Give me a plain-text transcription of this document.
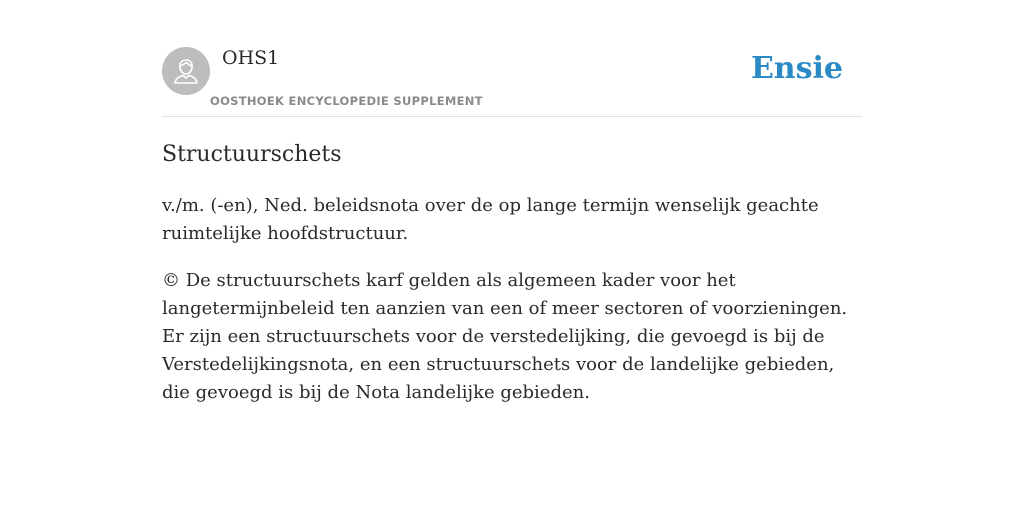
OHS1
OOSTHOEK ENCYCLOPEDIE SUPPLEMENT
Ensie
Structuurschets

v./m. (-en), Ned. beleidsnota over de op lange termijn wenselijk geachte ruimtelijke hoofdstructuur.

© De structuurschets karf gelden als algemeen kader voor het langetermijnbeleid ten aanzien van een of meer sectoren of voorzieningen. Er zijn een structuurschets voor de verstedelijking, die gevoegd is bij de Verstedelijkingsnota, en een structuurschets voor de landelijke gebieden, die gevoegd is bij de Nota landelijke gebieden.
